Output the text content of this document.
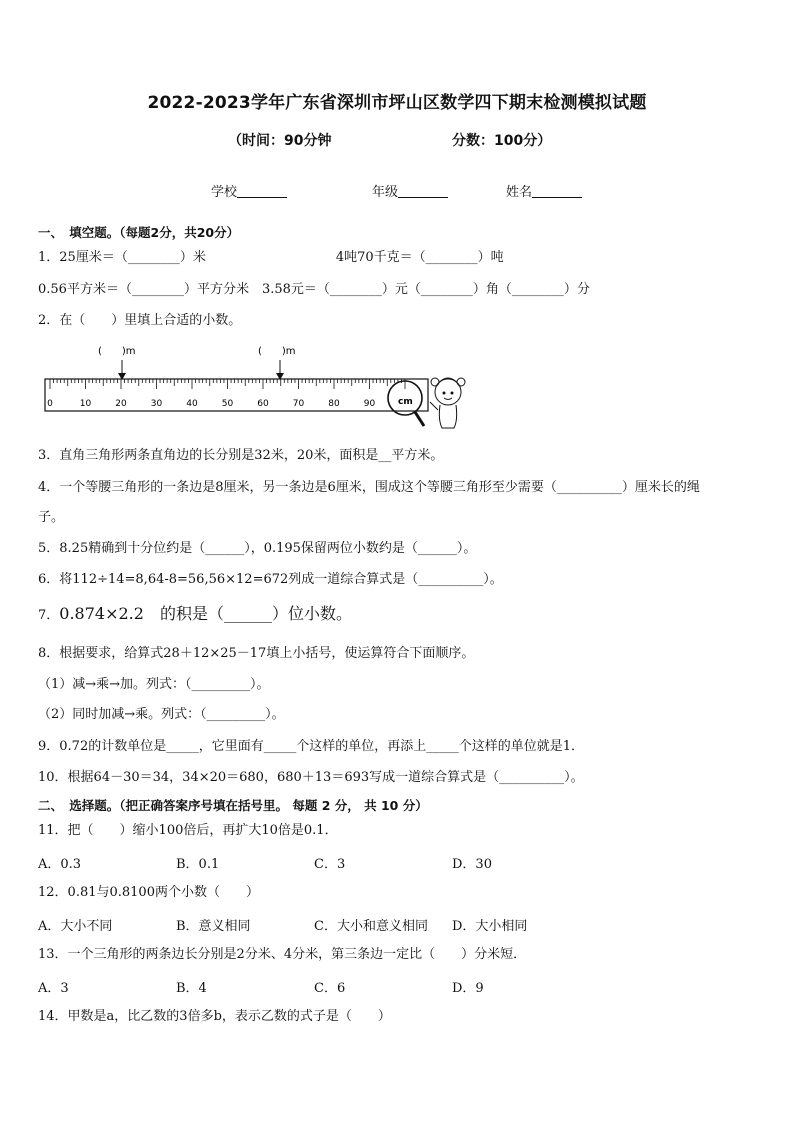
2022-2023学年广东省深圳市坪山区数学四下期末检测模拟试题
（时间：90分钟	分数：100分）
学校	年级	姓名
一、　填空题。（每题2分，共20分）
1．25厘米＝（________）米　　　　　　　　　　4吨70千克＝（________）吨
0.56平方米＝（________）平方分米　3.58元＝（________）元（________）角（________）分
2．在（　　）里填上合适的小数。
(　　)m	(　　)m
0	10	20	30	40	50	60	70	80	90	cm
3．直角三角形两条直角边的长分别是32米，20米，面积是__平方米。
4．一个等腰三角形的一条边是8厘米，另一条边是6厘米，围成这个等腰三角形至少需要（__________）厘米长的绳
子。
5．8.25精确到十分位约是（______），0.195保留两位小数约是（______）。
6．将112÷14=8,64-8=56,56×12=672列成一道综合算式是（__________）。
7．0.874×2.2　的积是（______）位小数。
8．根据要求，给算式28＋12×25－17填上小括号，使运算符合下面顺序。
（1）减→乘→加。列式：（_________）。
（2）同时加减→乘。列式：（_________）。
9．0.72的计数单位是_____，它里面有_____个这样的单位，再添上_____个这样的单位就是1．
10．根据64－30＝34，34×20＝680，680＋13＝693写成一道综合算式是（__________）。
二、　选择题。（把正确答案序号填在括号里。 每题 2 分， 共 10 分）
11．把（　　）缩小100倍后，再扩大10倍是0.1．
A．0.3	B．0.1	C．3	D．30
12．0.81与0.8100两个小数（　　）
A．大小不同	B．意义相同	C．大小和意义相同 D．大小相同
13．一个三角形的两条边长分别是2分米、4分米，第三条边一定比（　　）分米短．
A．3	B．4	C．6	D．9
14．甲数是a，比乙数的3倍多b，表示乙数的式子是（　　）
